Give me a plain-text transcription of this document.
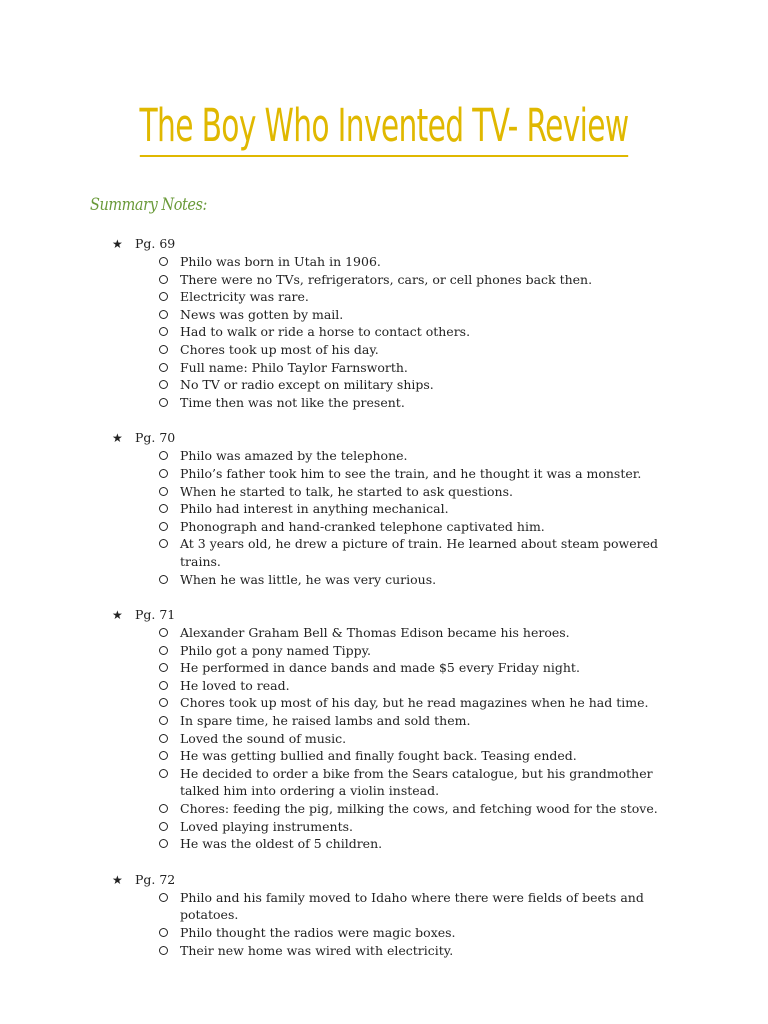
The Boy Who Invented TV- Review
Summary Notes:
★ Pg. 69
Philo was born in Utah in 1906.
There were no TVs, refrigerators, cars, or cell phones back then.
Electricity was rare.
News was gotten by mail.
Had to walk or ride a horse to contact others.
Chores took up most of his day.
Full name: Philo Taylor Farnsworth.
No TV or radio except on military ships.
Time then was not like the present.
★ Pg. 70
Philo was amazed by the telephone.
Philo’s father took him to see the train, and he thought it was a monster.
When he started to talk, he started to ask questions.
Philo had interest in anything mechanical.
Phonograph and hand-cranked telephone captivated him.
At 3 years old, he drew a picture of train. He learned about steam powered trains.
When he was little, he was very curious.
★ Pg. 71
Alexander Graham Bell & Thomas Edison became his heroes.
Philo got a pony named Tippy.
He performed in dance bands and made $5 every Friday night.
He loved to read.
Chores took up most of his day, but he read magazines when he had time.
In spare time, he raised lambs and sold them.
Loved the sound of music.
He was getting bullied and finally fought back. Teasing ended.
He decided to order a bike from the Sears catalogue, but his grandmother talked him into ordering a violin instead.
Chores: feeding the pig, milking the cows, and fetching wood for the stove.
Loved playing instruments.
He was the oldest of 5 children.
★ Pg. 72
Philo and his family moved to Idaho where there were fields of beets and potatoes.
Philo thought the radios were magic boxes.
Their new home was wired with electricity.
